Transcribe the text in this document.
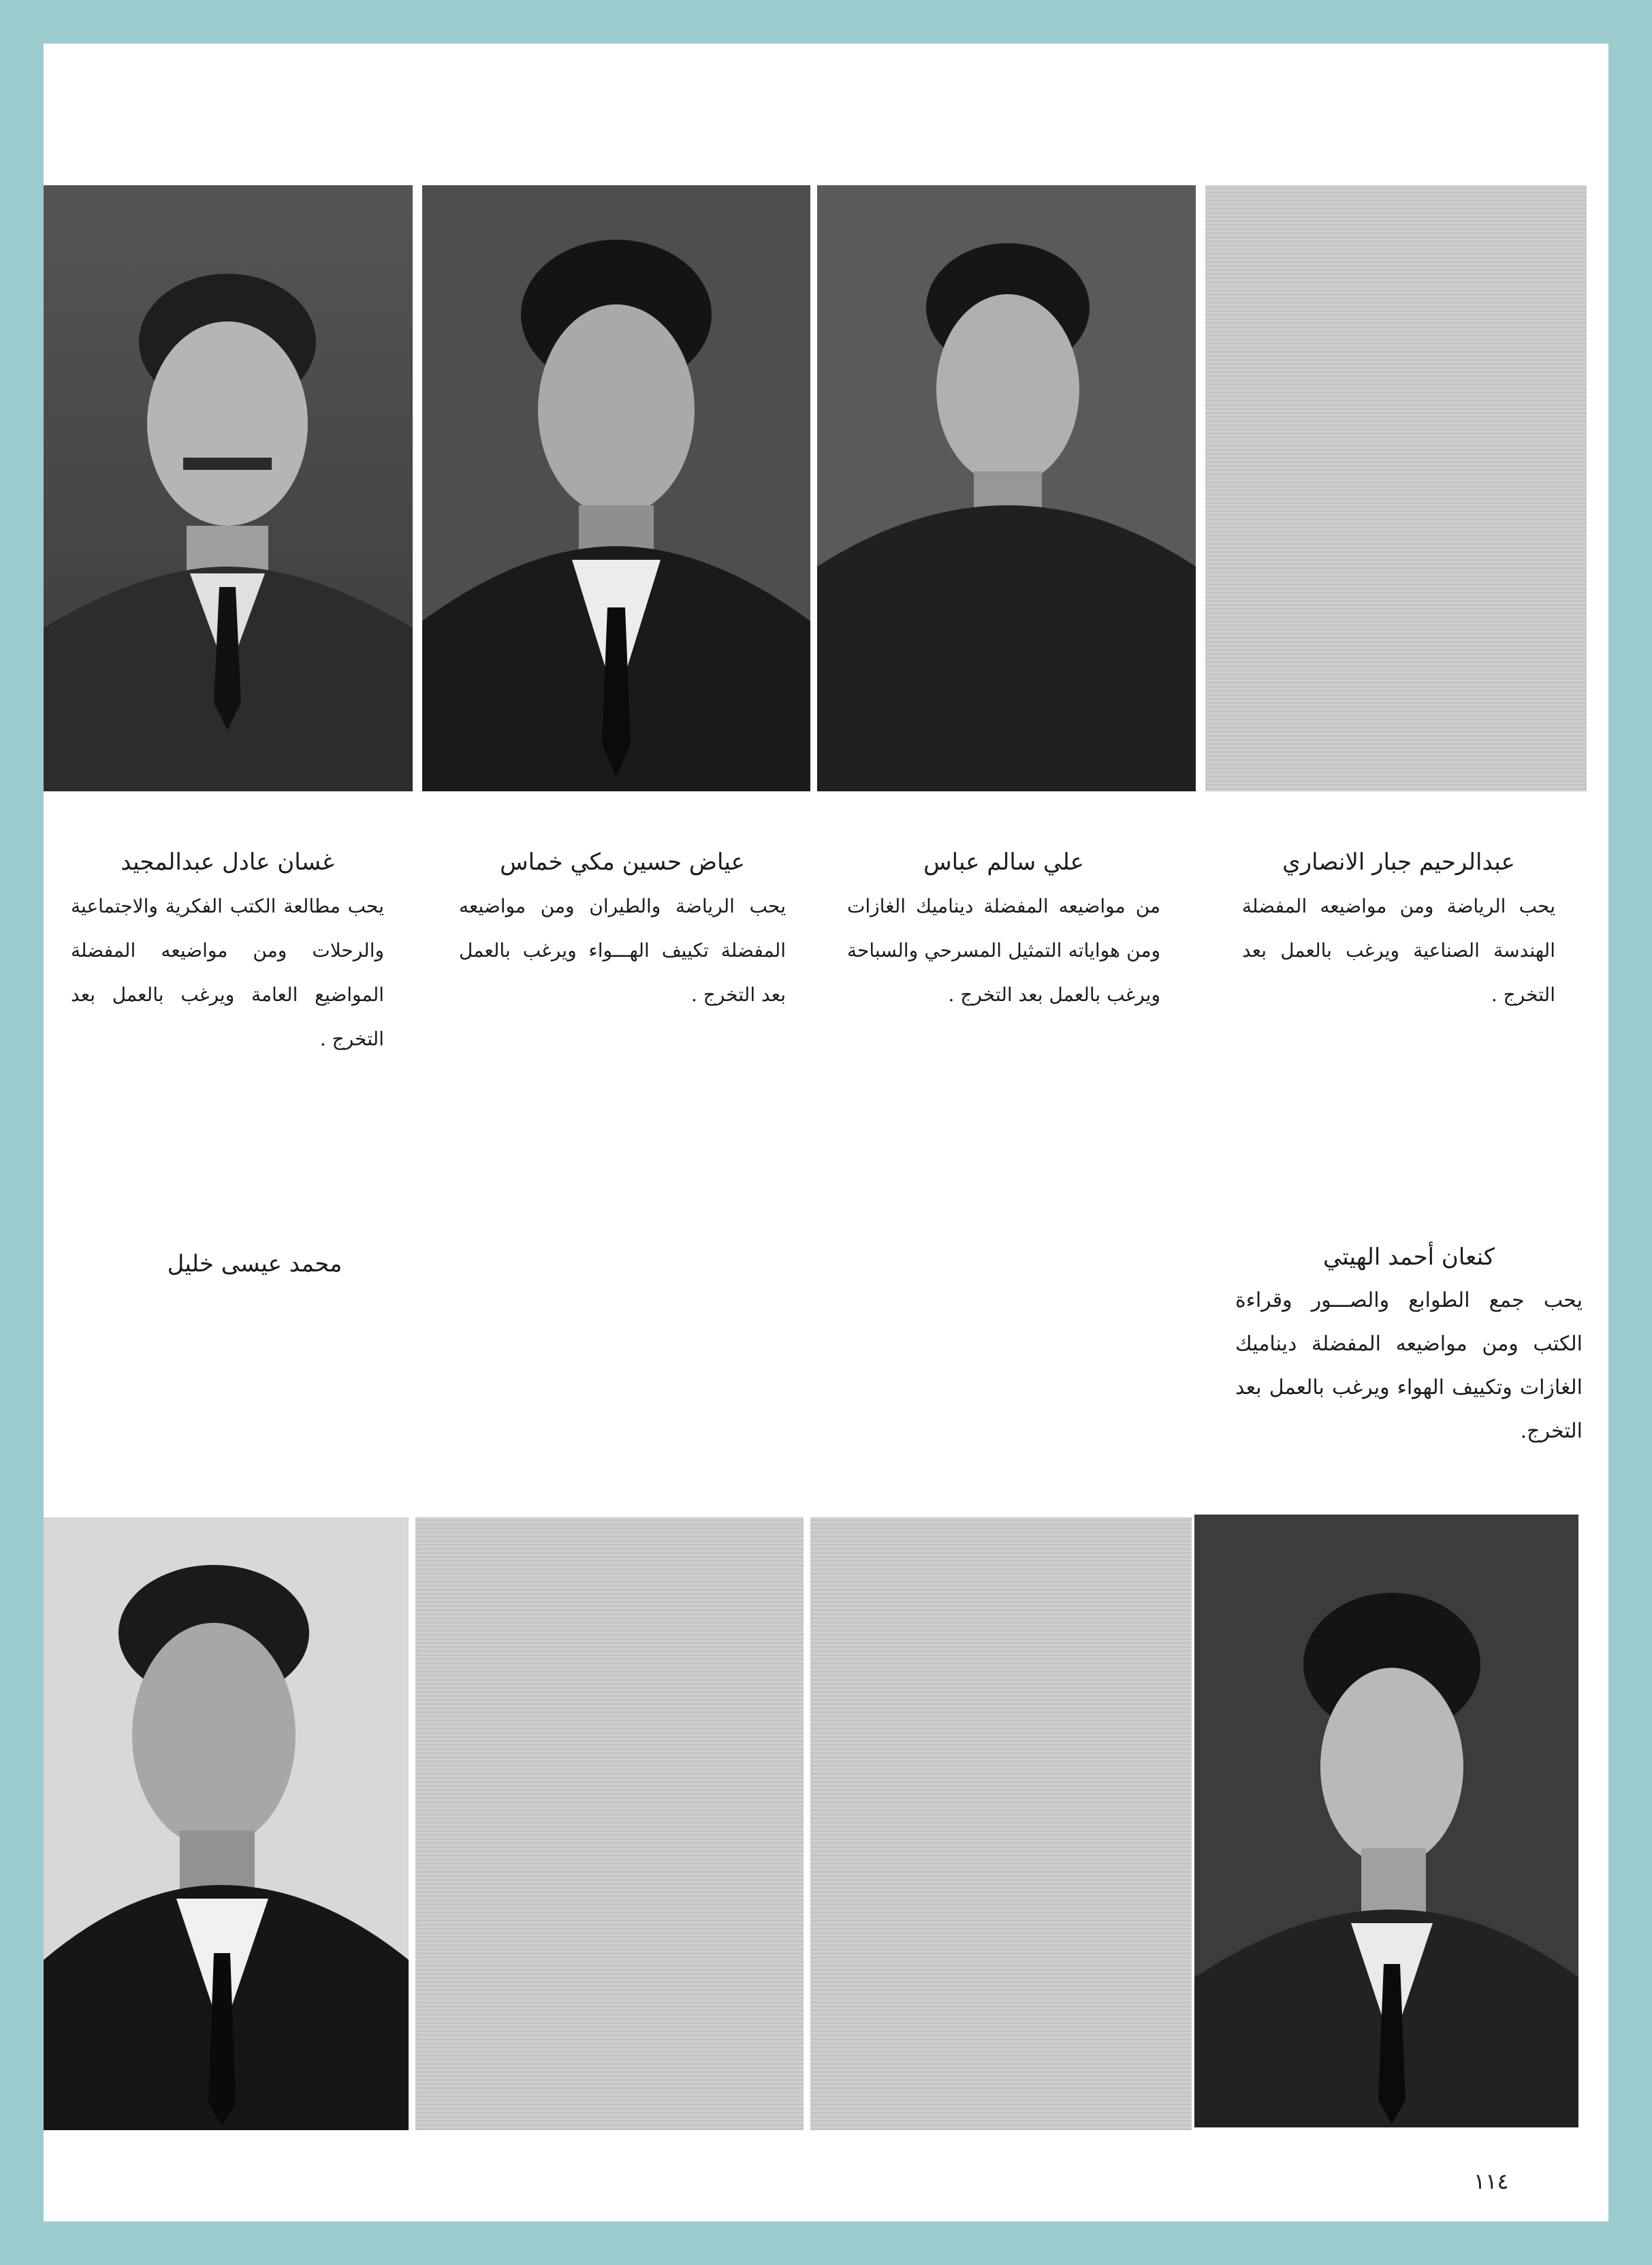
غسان عادل عبدالمجيد
يحب مطالعة الكتب الفكرية والاجتماعية والرحلات ومن مواضيعه المفضلة المواضيع العامة ويرغب بالعمل بعد التخرج .
عياض حسين مكي خماس
يحب الرياضة والطيران ومن مواضيعه المفضلة تكييف الهـــواء ويرغب بالعمل بعد التخرج .
علي سالم عباس
من مواضيعه المفضلة ديناميك الغازات ومن هواياته التمثيل المسرحي والسباحة ويرغب بالعمل بعد التخرج .
عبدالرحيم جبار الانصاري
يحب الرياضة ومن مواضيعه المفضلة الهندسة الصناعية ويرغب بالعمل بعد التخرج .
محمد عيسى خليل	كنعان أحمد الهيتي
يحب جمع الطوابع والصـــور وقراءة الكتب ومن مواضيعه المفضلة ديناميك الغازات وتكييف الهواء ويرغب بالعمل بعد التخرج.
١١٤
